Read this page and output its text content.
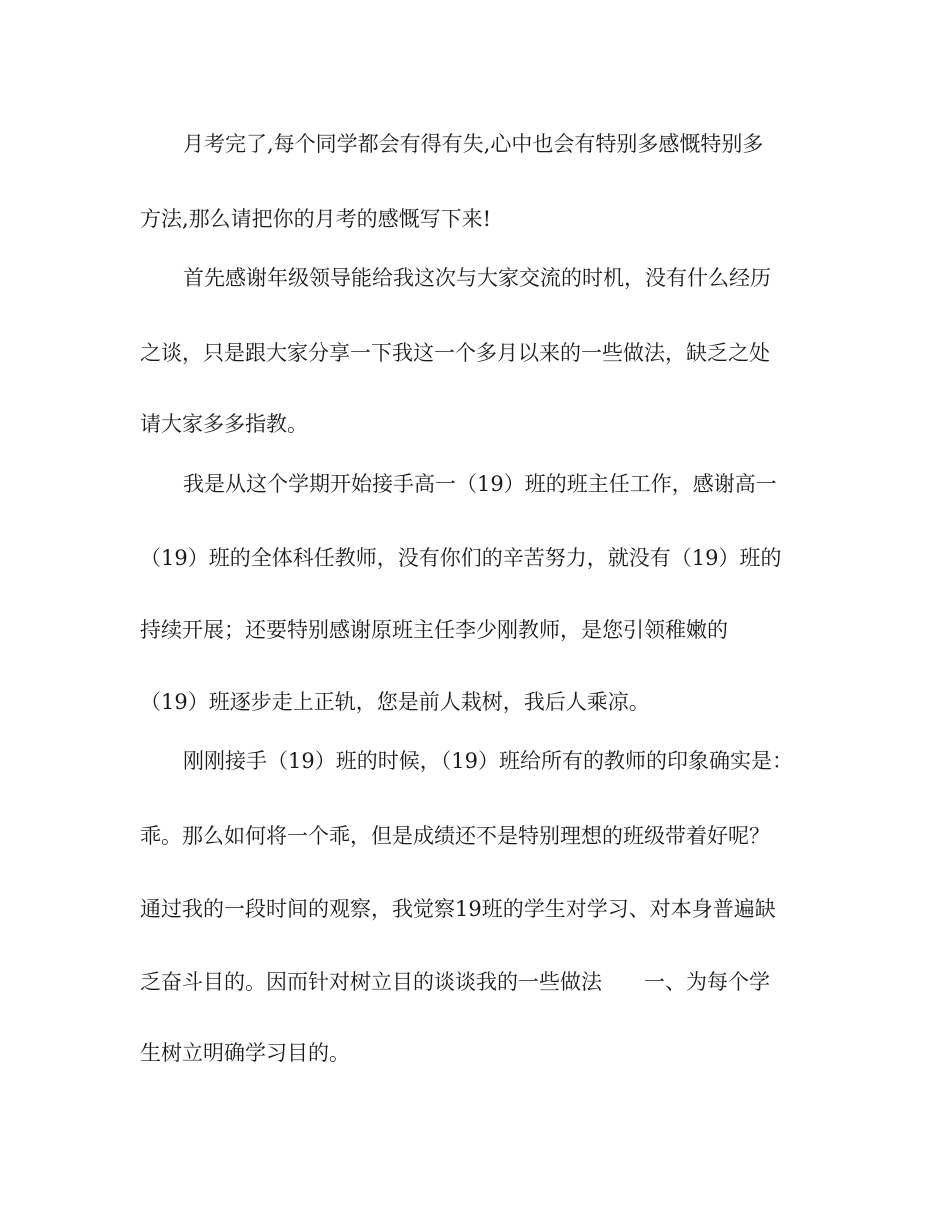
月考完了,每个同学都会有得有失,心中也会有特别多感慨特别多
方法,那么请把你的月考的感慨写下来!
首先感谢年级领导能给我这次与大家交流的时机，没有什么经历
之谈，只是跟大家分享一下我这一个多月以来的一些做法，缺乏之处
请大家多多指教。
我是从这个学期开始接手高一（19）班的班主任工作，感谢高一
（19）班的全体科任教师，没有你们的辛苦努力，就没有（19）班的
持续开展；还要特别感谢原班主任李少刚教师，是您引领稚嫩的
（19）班逐步走上正轨，您是前人栽树，我后人乘凉。
刚刚接手（19）班的时候，（19）班给所有的教师的印象确实是：
乖。那么如何将一个乖，但是成绩还不是特别理想的班级带着好呢？
通过我的一段时间的观察，我觉察19班的学生对学习、对本身普遍缺
乏奋斗目的。因而针对树立目的谈谈我的一些做法　　一、为每个学
生树立明确学习目的。
